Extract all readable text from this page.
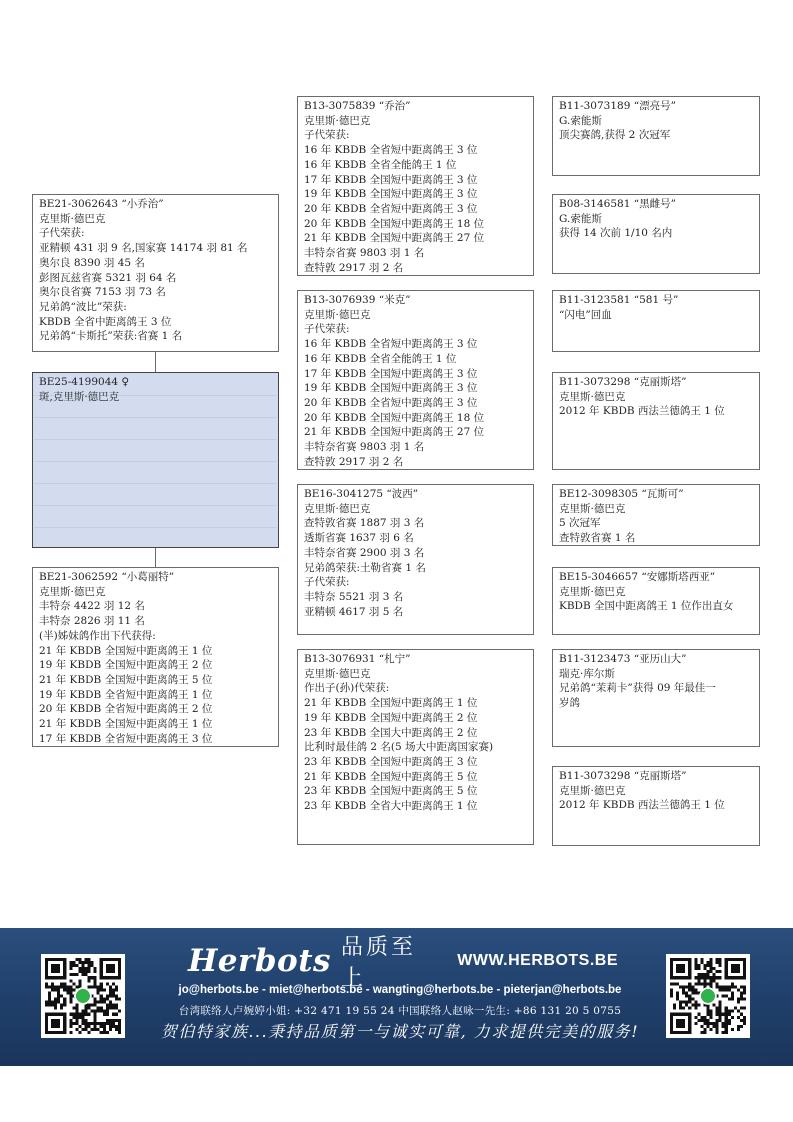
BE21-3062643 “小乔治”
克里斯·德巴克
子代荣获:
亚精顿 431 羽 9 名,国家赛 14174 羽 81 名
奥尔良 8390 羽 45 名
彭图瓦兹省赛 5321 羽 64 名
奥尔良省赛 7153 羽 73 名
兄弟鸽“波比”荣获:
KBDB 全省中距离鸽王 3 位
兄弟鸽“卡斯托”荣获:省赛 1 名
BE25-4199044 ♀
斑,克里斯·德巴克
BE21-3062592 “小葛丽特”
克里斯·德巴克
丰特奈 4422 羽 12 名
丰特奈 2826 羽 11 名
(半)姊妹鸽作出下代获得:
21 年 KBDB 全国短中距离鸽王 1 位
19 年 KBDB 全国短中距离鸽王 2 位
21 年 KBDB 全国短中距离鸽王 5 位
19 年 KBDB 全省短中距离鸽王 1 位
20 年 KBDB 全省短中距离鸽王 2 位
21 年 KBDB 全国短中距离鸽王 1 位
17 年 KBDB 全省短中距离鸽王 3 位
B13-3075839 “乔治”
克里斯·德巴克
子代荣获:
16 年 KBDB 全省短中距离鸽王 3 位
16 年 KBDB 全省全能鸽王 1 位
17 年 KBDB 全国短中距离鸽王 3 位
19 年 KBDB 全国短中距离鸽王 3 位
20 年 KBDB 全省短中距离鸽王 3 位
20 年 KBDB 全国短中距离鸽王 18 位
21 年 KBDB 全国短中距离鸽王 27 位
丰特奈省赛 9803 羽 1 名
查特敦 2917 羽 2 名
B13-3076939 “米克”
克里斯·德巴克
子代荣获:
16 年 KBDB 全省短中距离鸽王 3 位
16 年 KBDB 全省全能鸽王 1 位
17 年 KBDB 全国短中距离鸽王 3 位
19 年 KBDB 全国短中距离鸽王 3 位
20 年 KBDB 全省短中距离鸽王 3 位
20 年 KBDB 全国短中距离鸽王 18 位
21 年 KBDB 全国短中距离鸽王 27 位
丰特奈省赛 9803 羽 1 名
查特敦 2917 羽 2 名
BE16-3041275 “波西”
克里斯·德巴克
查特敦省赛 1887 羽 3 名
透斯省赛 1637 羽 6 名
丰特奈省赛 2900 羽 3 名
兄弟鸽荣获:土勒省赛 1 名
子代荣获:
丰特奈 5521 羽 3 名
亚精顿 4617 羽 5 名
B13-3076931 “札宁”
克里斯·德巴克
作出子(孙)代荣获:
21 年 KBDB 全国短中距离鸽王 1 位
19 年 KBDB 全国短中距离鸽王 2 位
23 年 KBDB 全国大中距离鸽王 2 位
比利时最佳鸽 2 名(5 场大中距离国家赛)
23 年 KBDB 全国短中距离鸽王 3 位
21 年 KBDB 全国短中距离鸽王 5 位
23 年 KBDB 全国短中距离鸽王 5 位
23 年 KBDB 全省大中距离鸽王 1 位
B11-3073189 “漂亮号”
G.索能斯
顶尖赛鸽,获得 2 次冠军
B08-3146581 “黑雌号”
G.索能斯
获得 14 次前 1/10 名内
B11-3123581 “581 号”
“闪电”回血
B11-3073298 “克丽斯塔”
克里斯·德巴克
2012 年 KBDB 西法兰德鸽王 1 位
BE12-3098305 “瓦斯可”
克里斯·德巴克
5 次冠军
查特敦省赛 1 名
BE15-3046657 “安娜斯塔西亚”
克里斯·德巴克
KBDB 全国中距离鸽王 1 位作出直女
B11-3123473 “亚历山大”
瑞克·库尔斯
兄弟鸽“茉莉卡”获得 09 年最佳一
岁鸽
B11-3073298 “克丽斯塔”
克里斯·德巴克
2012 年 KBDB 西法兰德鸽王 1 位
Herbots 品质至上
WWW.HERBOTS.BE
jo@herbots.be - miet@herbots.be - wangting@herbots.be - pieterjan@herbots.be
台湾联络人卢婉婷小姐: +32 471 19 55 24 中国联络人赵咏一先生: +86 131 20 5 0755
贺伯特家族...秉持品质第一与诚实可靠, 力求提供完美的服务!
